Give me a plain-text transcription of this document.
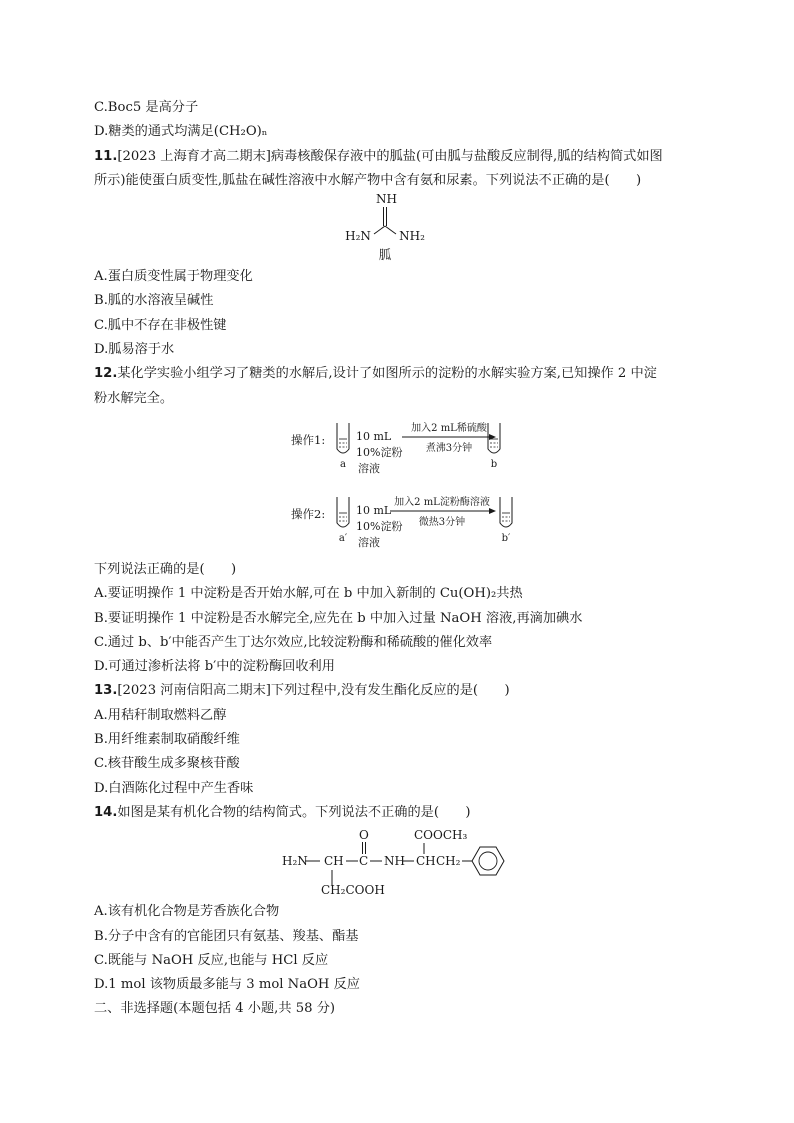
C.Boc5 是高分子
D.糖类的通式均满足(CH₂O)ₙ
11.[2023 上海育才高二期末]病毒核酸保存液中的胍盐(可由胍与盐酸反应制得,胍的结构简式如图
所示)能使蛋白质变性,胍盐在碱性溶液中水解产物中含有氨和尿素。下列说法不正确的是(　　)
NH
H₂N NH₂
胍
A.蛋白质变性属于物理变化
B.胍的水溶液呈碱性
C.胍中不存在非极性键
D.胍易溶于水
12.某化学实验小组学习了糖类的水解后,设计了如图所示的淀粉的水解实验方案,已知操作 2 中淀
粉水解完全。
操作1:
a
10 mL
10%淀粉
溶液
加入2 mL稀硫酸
煮沸3分钟
b
操作2:
a′
10 mL
10%淀粉
溶液
加入2 mL淀粉酶溶液
微热3分钟
b′
下列说法正确的是(　　)
A.要证明操作 1 中淀粉是否开始水解,可在 b 中加入新制的 Cu(OH)₂共热
B.要证明操作 1 中淀粉是否水解完全,应先在 b 中加入过量 NaOH 溶液,再滴加碘水
C.通过 b、b′中能否产生丁达尔效应,比较淀粉酶和稀硫酸的催化效率
D.可通过渗析法将 b′中的淀粉酶回收利用
13.[2023 河南信阳高二期末]下列过程中,没有发生酯化反应的是(　　)
A.用秸秆制取燃料乙醇
B.用纤维素制取硝酸纤维
C.核苷酸生成多聚核苷酸
D.白酒陈化过程中产生香味
14.如图是某有机化合物的结构简式。下列说法不正确的是(　　)
H₂N CH
CH₂COOH
C
O
NH CH
COOCH₃
CH₂
A.该有机化合物是芳香族化合物
B.分子中含有的官能团只有氨基、羧基、酯基
C.既能与 NaOH 反应,也能与 HCl 反应
D.1 mol 该物质最多能与 3 mol NaOH 反应
二、非选择题(本题包括 4 小题,共 58 分)
